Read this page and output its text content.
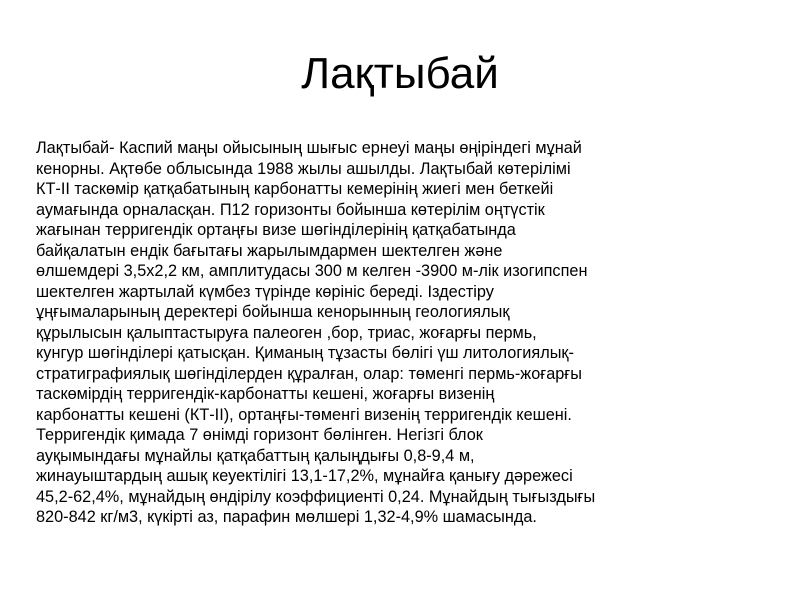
Лақтыбай
Лақтыбай- Каспий маңы ойысының шығыс ернеуі маңы өңіріндегі мұнай
кенорны. Ақтөбе облысында 1988 жылы ашылды. Лақтыбай көтерілімі
КТ-II таскөмір қатқабатының карбонатты кемерінің жиегі мен беткейі
аумағында орналасқан. П12 горизонты бойынша көтерілім оңтүстік
жағынан терригендік ортаңғы визе шөгінділерінің қатқабатында
байқалатын ендік бағытағы жарылымдармен шектелген және
өлшемдері 3,5х2,2 км, амплитудасы 300 м келген -3900 м-лік изогипспен
шектелген жартылай күмбез түрінде көрініс береді. Іздестіру
ұңғымаларының деректері бойынша кенорынның геологиялық
құрылысын қалыптастыруға палеоген ,бор, триас, жоғарғы пермь,
кунгур шөгінділері қатысқан. Қиманың тұзасты бөлігі үш литологиялық-
стратиграфиялық шөгінділерден құралған, олар: төменгі пермь-жоғарғы
таскөмірдің терригендік-карбонатты кешені, жоғарғы визенің
карбонатты кешені (КТ-II), ортаңғы-төменгі визенің терригендік кешені.
Терригендік қимада 7 өнімді горизонт бөлінген. Негізгі блок
ауқымындағы мұнайлы қатқабаттың қалыңдығы 0,8-9,4 м,
жинауыштардың ашық кеуектілігі 13,1-17,2%, мұнайға қанығу дәрежесі
45,2-62,4%, мұнайдың өндірілу коэффициенті 0,24. Мұнайдың тығыздығы
820-842 кг/м3, күкірті аз, парафин мөлшері 1,32-4,9% шамасында.
